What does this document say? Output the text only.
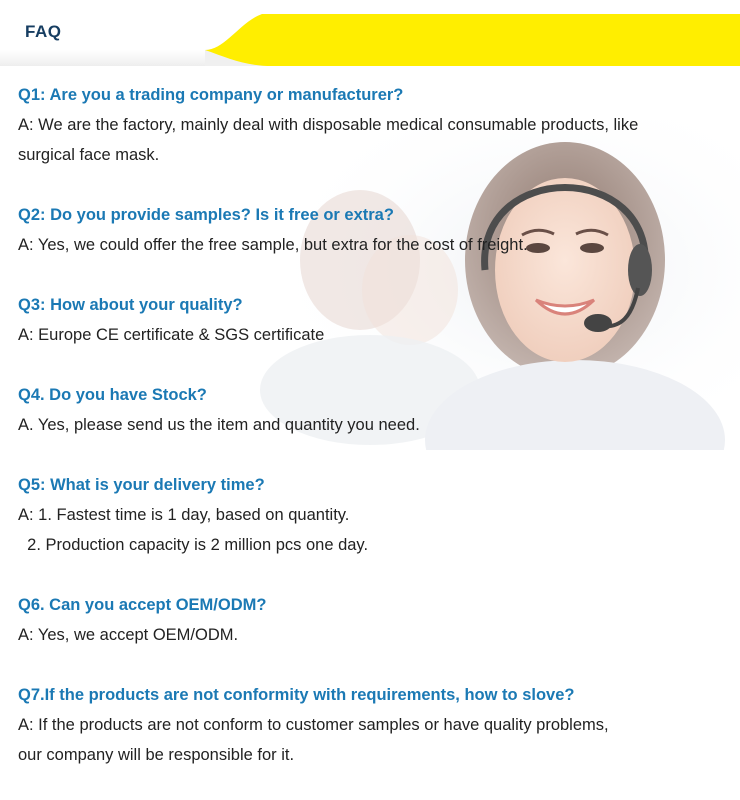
FAQ
Q1: Are you a trading company or manufacturer?
A: We are the factory, mainly deal with disposable medical consumable products, like
surgical face mask.
Q2: Do you provide samples? Is it free or extra?
A: Yes, we could offer the free sample, but extra for the cost of freight.
Q3: How about your quality?
A: Europe CE certificate & SGS certificate
Q4. Do you have Stock?
A. Yes, please send us the item and quantity you need.
Q5: What is your delivery time?
A: 1. Fastest time is 1 day, based on quantity.
2. Production capacity is 2 million pcs one day.
Q6. Can you accept OEM/ODM?
A: Yes, we accept OEM/ODM.
Q7.If the products are not conformity with requirements, how to slove?
A: If the products are not conform to customer samples or have quality problems,
our company will be responsible for it.
